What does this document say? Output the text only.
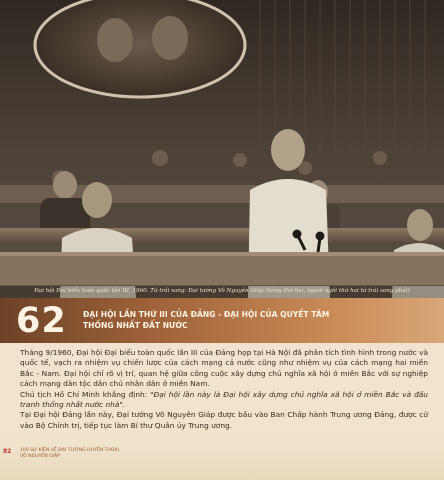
Đại hội Đại biểu toàn quốc lần III, 1960. Từ trái sang: Đại tướng Võ Nguyên Giáp (hàng thứ hai, người ngồi thứ hai từ trái sang phải)
62 ĐẠI HỘI LẦN THỨ III CỦA ĐẢNG - ĐẠI HỘI CỦA QUYẾT TÂM
THỐNG NHẤT ĐẤT NƯỚC

Tháng 9/1960, Đại hội Đại biểu toàn quốc lần III của Đảng họp tại Hà Nội đã phân tích tình hình trong nước và quốc tế, vạch ra nhiệm vụ chiến lược của cách mạng cả nước cũng như nhiệm vụ của cách mạng hai miền Bắc - Nam. Đại hội chỉ rõ vị trí, quan hệ giữa công cuộc xây dựng chủ nghĩa xã hội ở miền Bắc với sự nghiệp cách mạng dân tộc dân chủ nhân dân ở miền Nam.

Chủ tịch Hồ Chí Minh khẳng định: "Đại hội lần này là Đại hội xây dựng chủ nghĩa xã hội ở miền Bắc và đấu tranh thống nhất nước nhà".

Tại Đại hội Đảng lần này, Đại tướng Võ Nguyên Giáp được bầu vào Ban Chấp hành Trung ương Đảng, được cử vào Bộ Chính trị, tiếp tục làm Bí thư Quân ủy Trung ương.

82 100 SỰ KIỆN VỀ ĐẠI TƯỚNG HUYỀN THOẠI
VÕ NGUYÊN GIÁP
